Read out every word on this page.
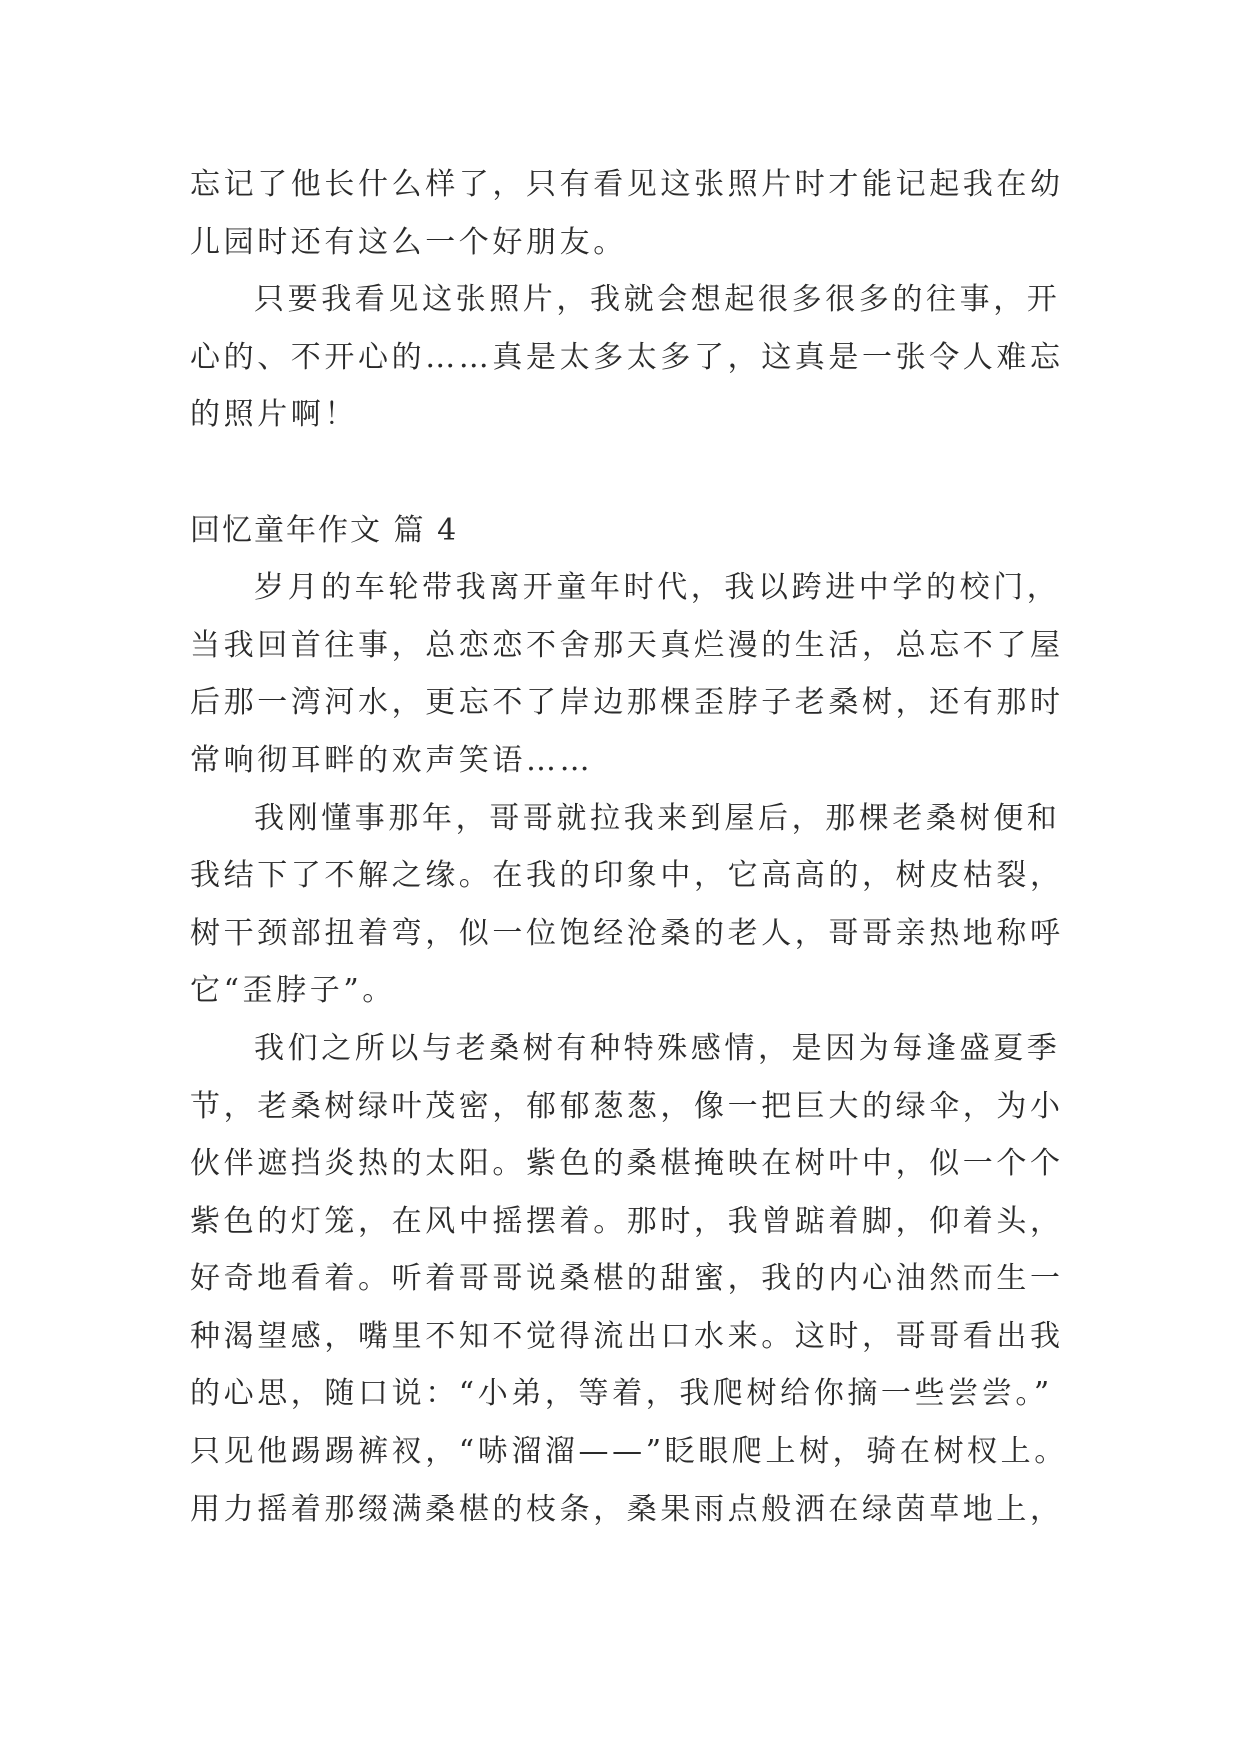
忘记了他长什么样了，只有看见这张照片时才能记起我在幼
儿园时还有这么一个好朋友。
只要我看见这张照片，我就会想起很多很多的往事，开
心的、不开心的……真是太多太多了，这真是一张令人难忘
的照片啊！
回忆童年作文 篇 4
岁月的车轮带我离开童年时代，我以跨进中学的校门，
当我回首往事，总恋恋不舍那天真烂漫的生活，总忘不了屋
后那一湾河水，更忘不了岸边那棵歪脖子老桑树，还有那时
常响彻耳畔的欢声笑语……
我刚懂事那年，哥哥就拉我来到屋后，那棵老桑树便和
我结下了不解之缘。在我的印象中，它高高的，树皮枯裂，
树干颈部扭着弯，似一位饱经沧桑的老人，哥哥亲热地称呼
它“歪脖子”。
我们之所以与老桑树有种特殊感情，是因为每逢盛夏季
节，老桑树绿叶茂密，郁郁葱葱，像一把巨大的绿伞，为小
伙伴遮挡炎热的太阳。紫色的桑椹掩映在树叶中，似一个个
紫色的灯笼，在风中摇摆着。那时，我曾踮着脚，仰着头，
好奇地看着。听着哥哥说桑椹的甜蜜，我的内心油然而生一
种渴望感，嘴里不知不觉得流出口水来。这时，哥哥看出我
的心思，随口说：“小弟，等着，我爬树给你摘一些尝尝。”
只见他踢踢裤衩，“哧溜溜——”眨眼爬上树，骑在树杈上。
用力摇着那缀满桑椹的枝条，桑果雨点般洒在绿茵草地上，
